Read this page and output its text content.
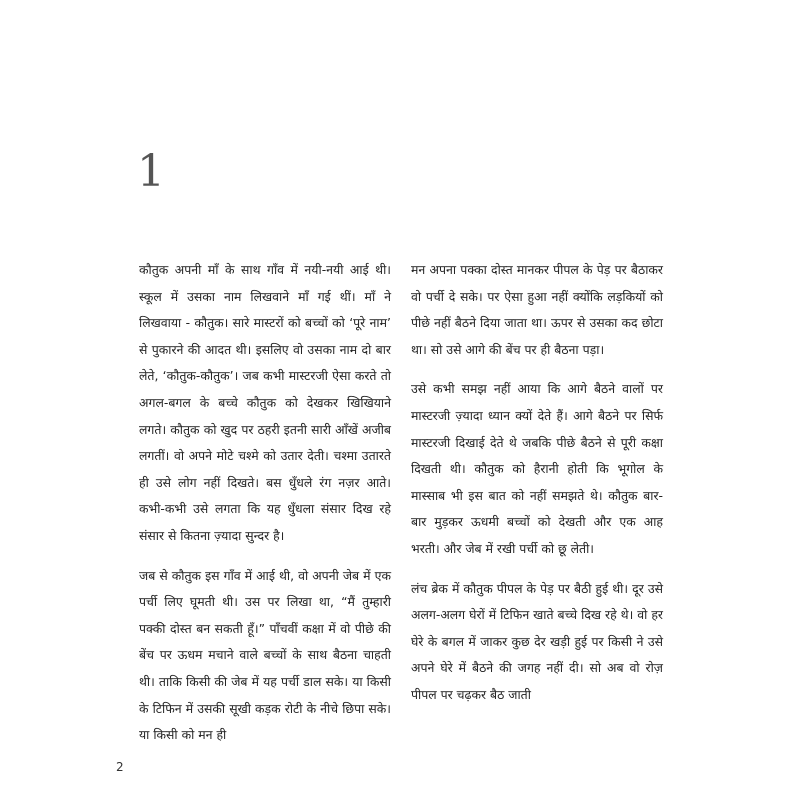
1

कौतुक अपनी माँ के साथ गाँव में नयी-नयी आई थी। स्कूल में उसका नाम लिखवाने माँ गई थीं। माँ ने लिखवाया - कौतुक। सारे मास्टरों को बच्चों को ‘पूरे नाम’ से पुकारने की आदत थी। इसलिए वो उसका नाम दो बार लेते, ‘कौतुक-कौतुक’। जब कभी मास्टरजी ऐसा करते तो अगल-बगल के बच्चे कौतुक को देखकर खिखियाने लगते। कौतुक को खुद पर ठहरी इतनी सारी आँखें अजीब लगतीं। वो अपने मोटे चश्मे को उतार देती। चश्मा उतारते ही उसे लोग नहीं दिखते। बस धुँधले रंग नज़र आते। कभी-कभी उसे लगता कि यह धुँधला संसार दिख रहे संसार से कितना ज़्यादा सुन्दर है।

जब से कौतुक इस गाँव में आई थी, वो अपनी जेब में एक पर्ची लिए घूमती थी। उस पर लिखा था, “मैं तुम्हारी पक्की दोस्त बन सकती हूँ।” पाँचवीं कक्षा में वो पीछे की बेंच पर ऊधम मचाने वाले बच्चों के साथ बैठना चाहती थी। ताकि किसी की जेब में यह पर्ची डाल सके। या किसी के टिफिन में उसकी सूखी कड़क रोटी के नीचे छिपा सके। या किसी को मन ही

मन अपना पक्का दोस्त मानकर पीपल के पेड़ पर बैठाकर वो पर्ची दे सके। पर ऐसा हुआ नहीं क्योंकि लड़कियों को पीछे नहीं बैठने दिया जाता था। ऊपर से उसका कद छोटा था। सो उसे आगे की बेंच पर ही बैठना पड़ा।

उसे कभी समझ नहीं आया कि आगे बैठने वालों पर मास्टरजी ज़्यादा ध्यान क्यों देते हैं। आगे बैठने पर सिर्फ मास्टरजी दिखाई देते थे जबकि पीछे बैठने से पूरी कक्षा दिखती थी। कौतुक को हैरानी होती कि भूगोल के मास्साब भी इस बात को नहीं समझते थे। कौतुक बार-बार मुड़कर ऊधमी बच्चों को देखती और एक आह भरती। और जेब में रखी पर्ची को छू लेती।

लंच ब्रेक में कौतुक पीपल के पेड़ पर बैठी हुई थी। दूर उसे अलग-अलग घेरों में टिफिन खाते बच्चे दिख रहे थे। वो हर घेरे के बगल में जाकर कुछ देर खड़ी हुई पर किसी ने उसे अपने घेरे में बैठने की जगह नहीं दी। सो अब वो रोज़ पीपल पर चढ़कर बैठ जाती

2
